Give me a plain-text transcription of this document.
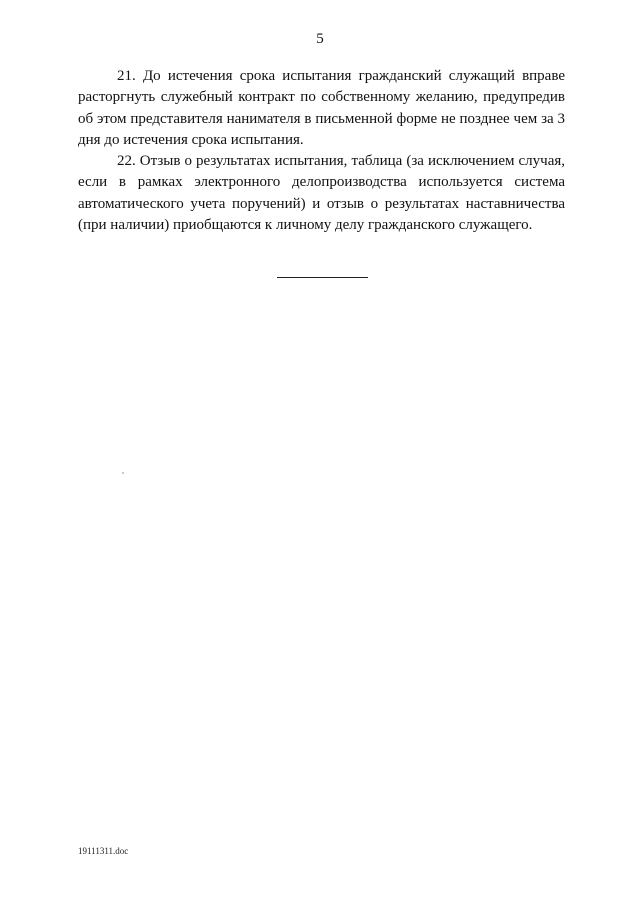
5

21. До истечения срока испытания гражданский служащий вправе расторгнуть служебный контракт по собственному желанию, предупредив об этом представителя нанимателя в письменной форме не позднее чем за 3 дня до истечения срока испытания.

22. Отзыв о результатах испытания, таблица (за исключением случая, если в рамках электронного делопроизводства используется система автоматического учета поручений) и отзыв о результатах наставничества (при наличии) приобщаются к личному делу гражданского служащего.

19111311.doc
